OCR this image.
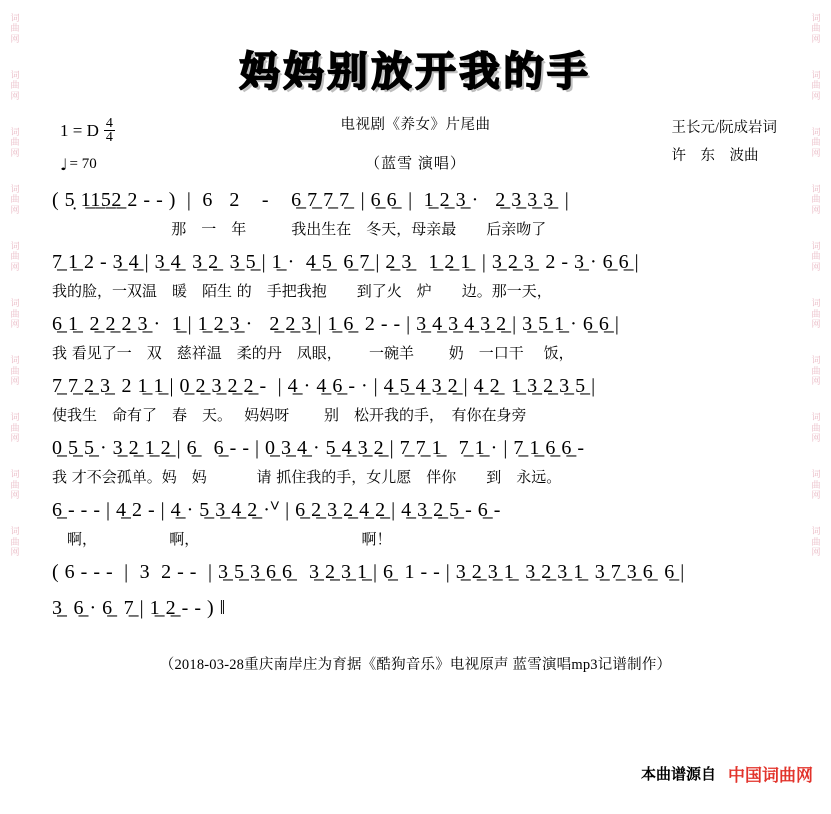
词曲网
词曲网
词曲网
词曲网
词曲网
词曲网
词曲网
词曲网
词曲网
词曲网
词曲网
词曲网
词曲网
词曲网
词曲网
词曲网
词曲网
词曲网
词曲网
词曲网
妈妈别放开我的手
1 = D $\frac{4}{4}$
♩ = 70
电视剧《养女》片尾曲
（蓝雪 演唱）
王长元/阮成岩词
许　东　波曲
( 5̣ 1̲1̲5̲2̲ 2 - - )  |  6   2    -    6̲ 7̲ 7̲ 7̲  | 6̲ 6̲  |  1̲ 2̲ 3̲ ·   2̲ 3̲ 3̲ 3̲  |
那　一　年　　　我出生在　冬天，母亲最　　后亲吻了
7̲ 1̲ 2 - 3̲ 4̲ | 3̲ 4̲  3̲ 2̲  3̲ 5̲ | 1̲ ·  4̲ 5̲  6̲ 7̲ | 2̲ 3̲   1̲ 2̲ 1̲  | 3̲ 2̲ 3̲  2 - 3̲ · 6̲ 6̲ |
我的脸，一双温　暖　陌生 的　手把我抱　　到了火　炉　　边。那一天，
6̲ 1̲  2̲ 2̲ 2̲ 3̲ ·  1̲ | 1̲ 2̲ 3̲ ·   2̲ 2̲ 3̲ | 1̲ 6̲  2 - - | 3̲ 4̲ 3̲ 4̲ 3̲ 2̲ | 3̲ 5̲ 1̲ · 6̲ 6̲ |
我 看见了一　双　慈祥温　柔的丹　凤眼，　　 一碗羊　　 奶　一口干　 饭，
7̲ 7̲ 2̲ 3̲  2 1̲ 1̲ | 0̲ 2̲ 3̲ 2̲ 2̲ -  | 4̲ · 4̲ 6̲ - · | 4̲ 5̲ 4̲ 3̲ 2̲ | 4̲ 2̲  1̲ 3̲ 2̲ 3̲ 5̲ |
使我生　命有了　春　天。　 妈妈呀　　 别　松开我的手，　有你在身旁
0̲ 5̲ 5̲ · 3̲ 2̲ 1̲ 2̲ | 6̲   6̲ - - | 0̲ 3̲ 4̲ · 5̲ 4̲ 3̲ 2̲ | 7̲ 7̲ 1̲   7̲ 1̲ · | 7̲ 1̲ 6̲ 6̲ -
我 才不会孤单。妈　妈　　　 请 抓住我的手，女儿愿　伴你　　到　永远。
6̲ - - - | 4̲ 2 - | 4̲ · 5̲ 3̲ 4̲ 2̲ ·ⱽ | 6̲ 2̲ 3̲ 2̲ 4̲ 2̲ | 4̲ 3̲ 2̲ 5̲ - 6̲ -
　啊，　　　　　 啊，　　　　　　　　　　 　啊！
( 6 - - -  |  3  2 - -  | 3̲ 5̲ 3̲ 6̲ 6̲   3̲ 2̲ 3̲ 1̲ | 6̲  1 - - | 3̲ 2̲ 3̲ 1̲  3̲ 2̲ 3̲ 1̲  3̲ 7̲ 3̲ 6̲  6̲ |
3̲  6̲ · 6̲  7̲ | 1̲ 2̲ - - ) ‖
（2018-03-28重庆南岸庄为育据《酷狗音乐》电视原声 蓝雪演唱mp3记谱制作）
本曲谱源自 中国词曲网
